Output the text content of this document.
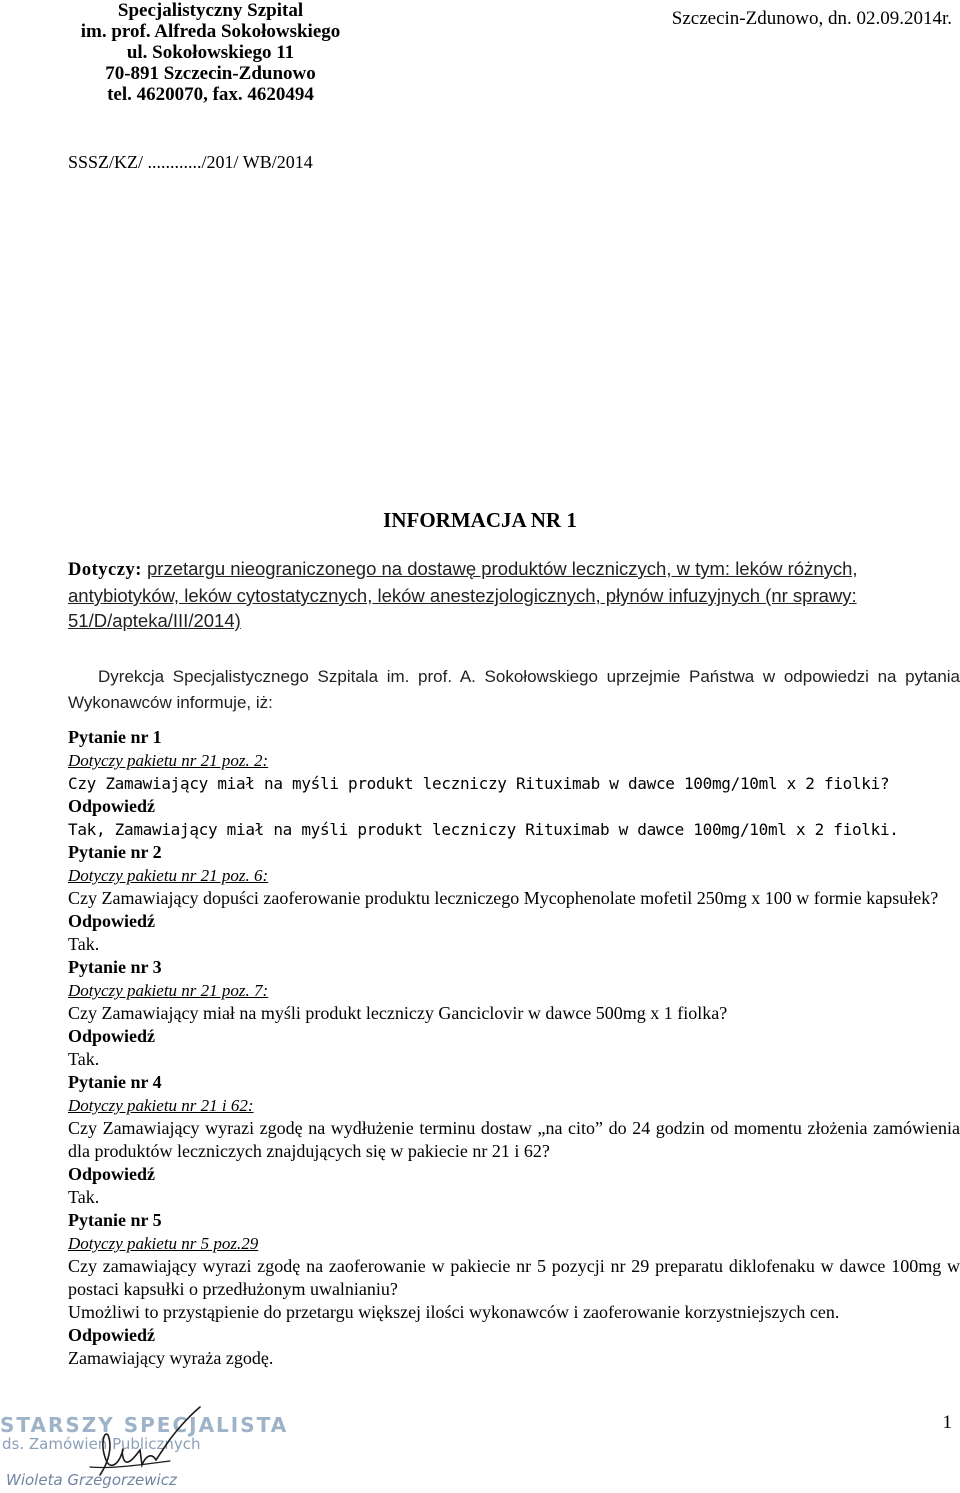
Specjalistyczny Szpital
im. prof. Alfreda Sokołowskiego
ul. Sokołowskiego 11
70-891 Szczecin-Zdunowo
tel. 4620070, fax. 4620494
Szczecin-Zdunowo, dn. 02.09.2014r.
SSSZ/KZ/ ............/201/ WB/2014
INFORMACJA NR 1
Dotyczy: przetargu nieograniczonego na dostawę produktów leczniczych, w tym: leków różnych, antybiotyków, leków cytostatycznych, leków anestezjologicznych, płynów infuzyjnych (nr sprawy: 51/D/apteka/III/2014)
Dyrekcja Specjalistycznego Szpitala im. prof. A. Sokołowskiego uprzejmie Państwa w odpowiedzi na pytania Wykonawców informuje, iż:
Pytanie nr 1
Dotyczy pakietu nr 21 poz. 2:
Czy Zamawiający miał na myśli produkt leczniczy Rituximab w dawce 100mg/10ml x 2 fiolki?
Odpowiedź
Tak, Zamawiający miał na myśli produkt leczniczy Rituximab w dawce 100mg/10ml x 2 fiolki.
Pytanie nr 2
Dotyczy pakietu nr 21 poz. 6:
Czy Zamawiający dopuści zaoferowanie produktu leczniczego Mycophenolate mofetil 250mg x 100 w formie kapsułek?
Odpowiedź
Tak.
Pytanie nr 3
Dotyczy pakietu nr 21 poz. 7:
Czy Zamawiający miał na myśli produkt leczniczy Ganciclovir w dawce 500mg x 1 fiolka?
Odpowiedź
Tak.
Pytanie nr 4
Dotyczy pakietu nr 21 i 62:
Czy Zamawiający wyrazi zgodę na wydłużenie terminu dostaw „na cito” do 24 godzin od momentu złożenia zamówienia dla produktów leczniczych znajdujących się w pakiecie nr 21 i 62?
Odpowiedź
Tak.
Pytanie nr 5
Dotyczy pakietu nr 5 poz.29
Czy zamawiający wyrazi zgodę na zaoferowanie w pakiecie nr 5 pozycji nr 29 preparatu diklofenaku w dawce 100mg w postaci kapsułki o przedłużonym uwalnianiu?
Umożliwi to przystąpienie do przetargu większej ilości wykonawców i zaoferowanie korzystniejszych cen.
Odpowiedź
Zamawiający wyraża zgodę.
STARSZY SPECJALISTA
ds. Zamówień Publicznych
Wioleta Grzegorzewicz
1
